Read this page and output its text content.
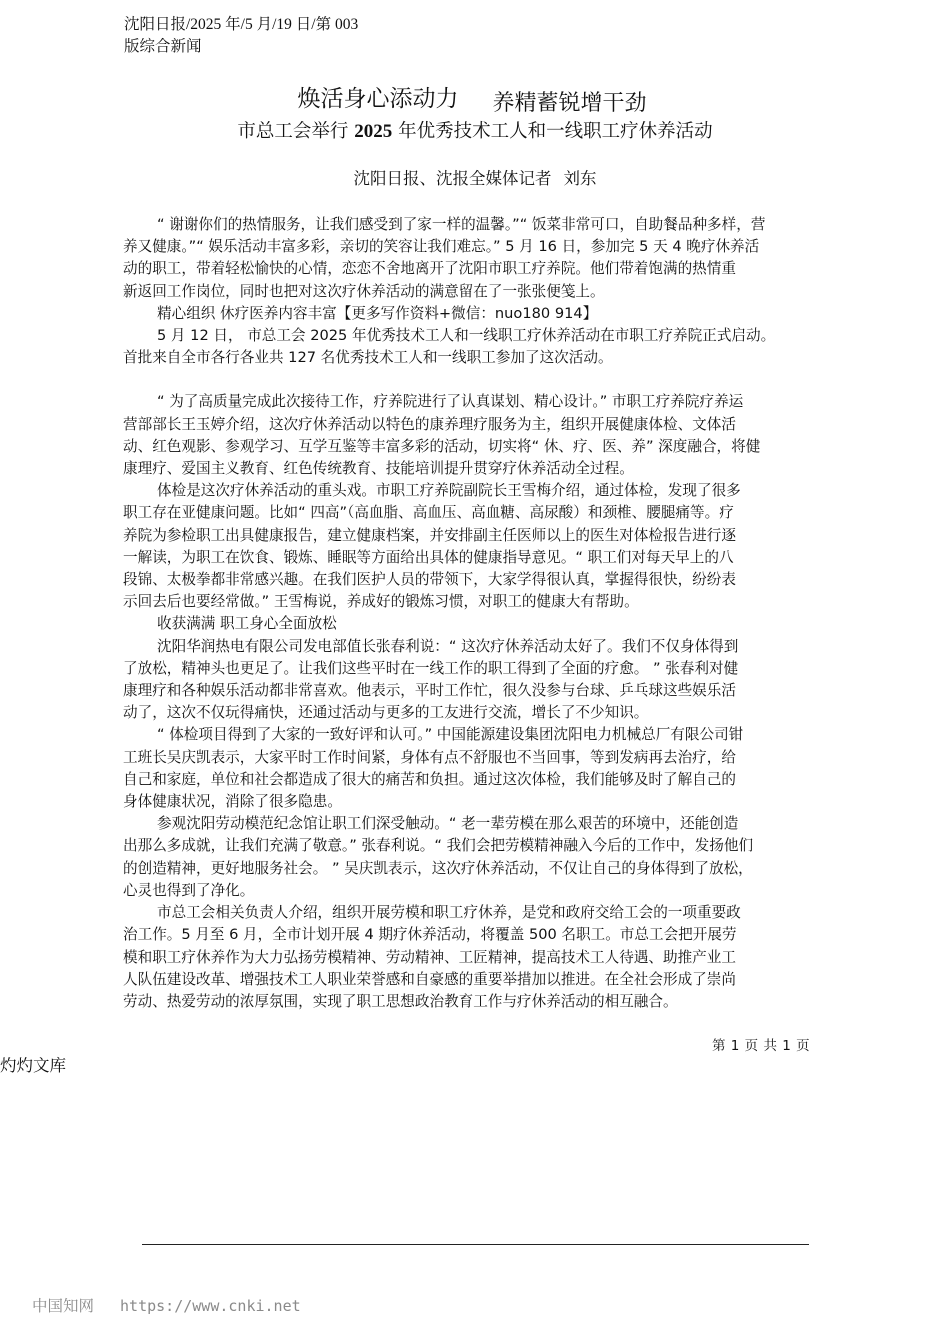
沈阳日报/2025 年/5 月/19 日/第 003
版综合新闻
焕活身心添动力 养精蓄锐增干劲
市总工会举行 2025 年优秀技术工人和一线职工疗休养活动
沈阳日报、沈报全媒体记者 刘东
“ 谢谢你们的热情服务，让我们感受到了家一样的温馨。”“ 饭菜非常可口，自助餐品种多样，营
养又健康。”“ 娱乐活动丰富多彩，亲切的笑容让我们难忘。” 5 月 16 日，参加完 5 天 4 晚疗休养活
动的职工，带着轻松愉快的心情，恋恋不舍地离开了沈阳市职工疗养院。他们带着饱满的热情重
新返回工作岗位，同时也把对这次疗休养活动的满意留在了一张张便笺上。
精心组织 休疗医养内容丰富【更多写作资料+微信：nuo180 914】
5 月 12 日， 市总工会 2025 年优秀技术工人和一线职工疗休养活动在市职工疗养院正式启动。
首批来自全市各行各业共 127 名优秀技术工人和一线职工参加了这次活动。
“ 为了高质量完成此次接待工作，疗养院进行了认真谋划、精心设计。” 市职工疗养院疗养运
营部部长王玉婷介绍，这次疗休养活动以特色的康养理疗服务为主，组织开展健康体检、文体活
动、红色观影、参观学习、互学互鉴等丰富多彩的活动，切实将“ 休、疗、医、养” 深度融合，将健
康理疗、爱国主义教育、红色传统教育、技能培训提升贯穿疗休养活动全过程。
体检是这次疗休养活动的重头戏。市职工疗养院副院长王雪梅介绍，通过体检，发现了很多
职工存在亚健康问题。比如“ 四高”（高血脂、高血压、高血糖、高尿酸）和颈椎、腰腿痛等。疗
养院为参检职工出具健康报告，建立健康档案，并安排副主任医师以上的医生对体检报告进行逐
一解读，为职工在饮食、锻炼、睡眠等方面给出具体的健康指导意见。“ 职工们对每天早上的八
段锦、太极拳都非常感兴趣。在我们医护人员的带领下，大家学得很认真，掌握得很快，纷纷表
示回去后也要经常做。” 王雪梅说，养成好的锻炼习惯，对职工的健康大有帮助。
收获满满 职工身心全面放松
沈阳华润热电有限公司发电部值长张春利说：“ 这次疗休养活动太好了。我们不仅身体得到
了放松，精神头也更足了。让我们这些平时在一线工作的职工得到了全面的疗愈。 ” 张春利对健
康理疗和各种娱乐活动都非常喜欢。他表示，平时工作忙，很久没参与台球、乒乓球这些娱乐活
动了，这次不仅玩得痛快，还通过活动与更多的工友进行交流，增长了不少知识。
“ 体检项目得到了大家的一致好评和认可。” 中国能源建设集团沈阳电力机械总厂有限公司钳
工班长吴庆凯表示，大家平时工作时间紧，身体有点不舒服也不当回事，等到发病再去治疗，给
自己和家庭，单位和社会都造成了很大的痛苦和负担。通过这次体检，我们能够及时了解自己的
身体健康状况，消除了很多隐患。
参观沈阳劳动模范纪念馆让职工们深受触动。“ 老一辈劳模在那么艰苦的环境中，还能创造
出那么多成就，让我们充满了敬意。” 张春利说。“ 我们会把劳模精神融入今后的工作中，发扬他们
的创造精神，更好地服务社会。 ” 吴庆凯表示，这次疗休养活动，不仅让自己的身体得到了放松，
心灵也得到了净化。
市总工会相关负责人介绍，组织开展劳模和职工疗休养，是党和政府交给工会的一项重要政
治工作。5 月至 6 月，全市计划开展 4 期疗休养活动，将覆盖 500 名职工。市总工会把开展劳
模和职工疗休养作为大力弘扬劳模精神、劳动精神、工匠精神，提高技术工人待遇、助推产业工
人队伍建设改革、增强技术工人职业荣誉感和自豪感的重要举措加以推进。在全社会形成了崇尚
劳动、热爱劳动的浓厚氛围，实现了职工思想政治教育工作与疗休养活动的相互融合。
第 1 页 共 1 页
灼灼文库
中国知网 https://www.cnki.net
